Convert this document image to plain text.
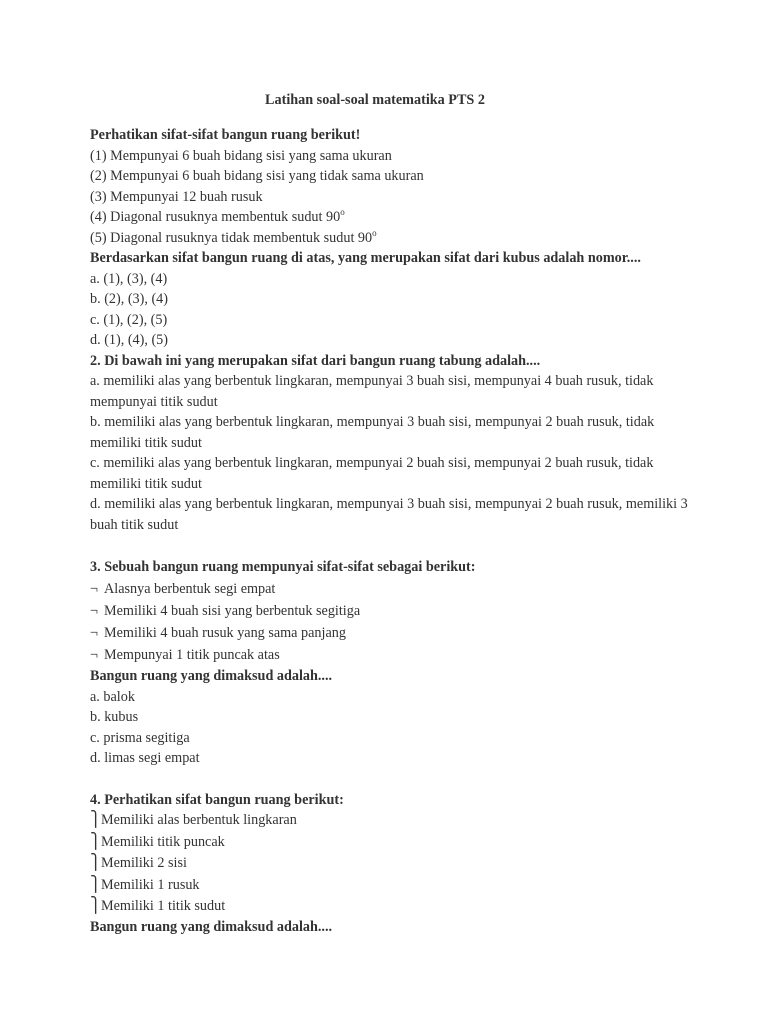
Latihan soal-soal matematika PTS 2
Perhatikan sifat-sifat bangun ruang berikut!
(1) Mempunyai 6 buah bidang sisi yang sama ukuran
(2) Mempunyai 6 buah bidang sisi yang tidak sama ukuran
(3) Mempunyai 12 buah rusuk
(4) Diagonal rusuknya membentuk sudut 90$^o$
(5) Diagonal rusuknya tidak membentuk sudut 90$^o$
Berdasarkan sifat bangun ruang di atas, yang merupakan sifat dari kubus adalah nomor....
a. (1), (3), (4)
b. (2), (3), (4)
c. (1), (2), (5)
d. (1), (4), (5)
2. Di bawah ini yang merupakan sifat dari bangun ruang tabung adalah....
a. memiliki alas yang berbentuk lingkaran, mempunyai 3 buah sisi, mempunyai 4 buah rusuk, tidak mempunyai titik sudut
b. memiliki alas yang berbentuk lingkaran, mempunyai 3 buah sisi, mempunyai 2 buah rusuk, tidak memiliki titik sudut
c. memiliki alas yang berbentuk lingkaran, mempunyai 2 buah sisi, mempunyai 2 buah rusuk, tidak memiliki titik sudut
d. memiliki alas yang berbentuk lingkaran, mempunyai 3 buah sisi, mempunyai 2 buah rusuk, memiliki 3 buah titik sudut
3. Sebuah bangun ruang mempunyai sifat-sifat sebagai berikut:
¬ Alasnya berbentuk segi empat
¬ Memiliki 4 buah sisi yang berbentuk segitiga
¬ Memiliki 4 buah rusuk yang sama panjang
¬ Mempunyai 1 titik puncak atas
Bangun ruang yang dimaksud adalah....
a. balok
b. kubus
c. prisma segitiga
d. limas segi empat
4. Perhatikan sifat bangun ruang berikut:
⎫Memiliki alas berbentuk lingkaran
⎫Memiliki titik puncak
⎫Memiliki 2 sisi
⎫Memiliki 1 rusuk
⎫Memiliki 1 titik sudut
Bangun ruang yang dimaksud adalah....
